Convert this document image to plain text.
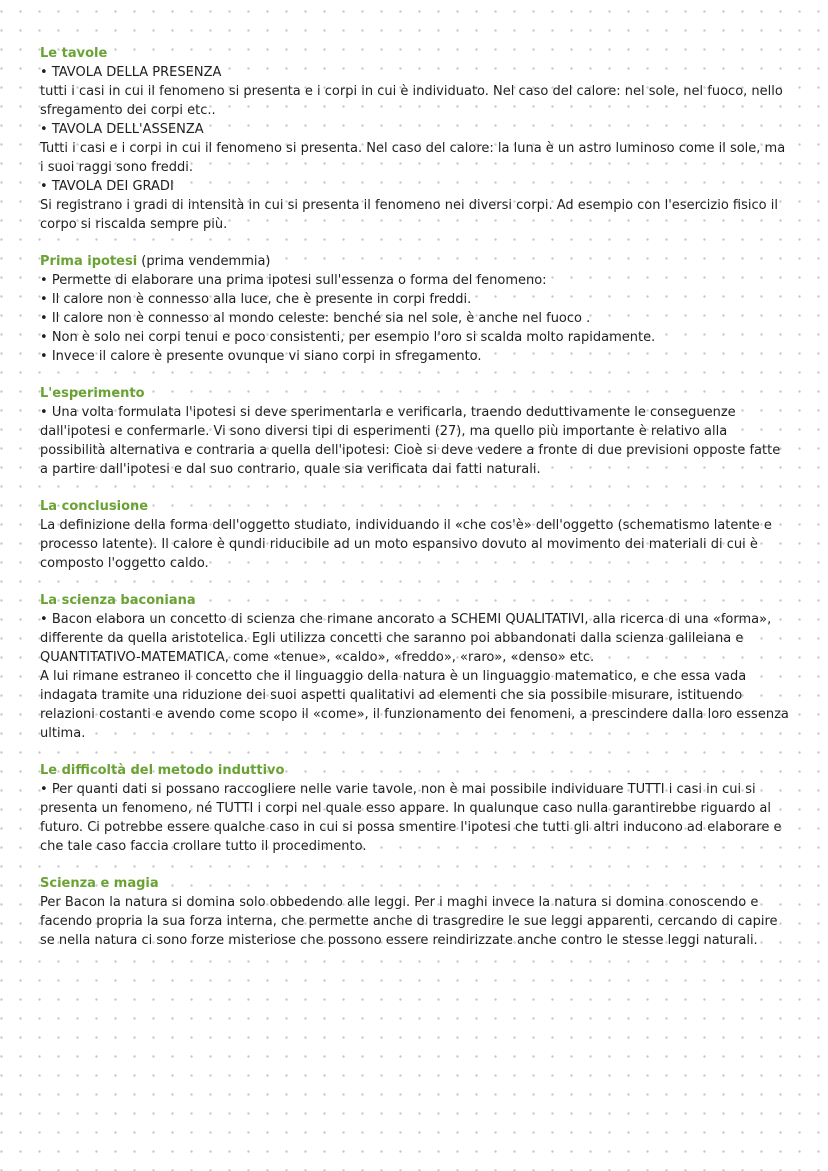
Le tavole

• TAVOLA DELLA PRESENZA

tutti i casi in cui il fenomeno si presenta e i corpi in cui è individuato. Nel caso del calore: nel sole, nel fuoco, nello sfregamento dei corpi etc..

• TAVOLA DELL'ASSENZA

Tutti i casi e i corpi in cui il fenomeno si presenta. Nel caso del calore: la luna è un astro luminoso come il sole, ma i suoi raggi sono freddi.

• TAVOLA DEI GRADI

Si registrano i gradi di intensità in cui si presenta il fenomeno nei diversi corpi. Ad esempio con l'esercizio fisico il corpo si riscalda sempre più.

Prima ipotesi (prima vendemmia)

• Permette di elaborare una prima ipotesi sull'essenza o forma del fenomeno:

• Il calore non è connesso alla luce, che è presente in corpi freddi.

• Il calore non è connesso al mondo celeste: benché sia nel sole, è anche nel fuoco .

• Non è solo nei corpi tenui e poco consistenti, per esempio l'oro si scalda molto rapidamente.

• Invece il calore è presente ovunque vi siano corpi in sfregamento.

L'esperimento

• Una volta formulata l'ipotesi si deve sperimentarla e verificarla, traendo deduttivamente le conseguenze dall'ipotesi e confermarle. Vi sono diversi tipi di esperimenti (27), ma quello più importante è relativo alla possibilità alternativa e contraria a quella dell'ipotesi: Cioè si deve vedere a fronte di due previsioni opposte fatte a partire dall'ipotesi e dal suo contrario, quale sia verificata dai fatti naturali.

La conclusione

La definizione della forma dell'oggetto studiato, individuando il «che cos'è» dell'oggetto (schematismo latente e processo latente). Il calore è qundi riducibile ad un moto espansivo dovuto al movimento dei materiali di cui è composto l'oggetto caldo.

La scienza baconiana

• Bacon elabora un concetto di scienza che rimane ancorato a SCHEMI QUALITATIVI, alla ricerca di una «forma», differente da quella aristotelica. Egli utilizza concetti che saranno poi abbandonati dalla scienza galileiana e QUANTITATIVO-MATEMATICA, come «tenue», «caldo», «freddo», «raro», «denso» etc.

A lui rimane estraneo il concetto che il linguaggio della natura è un linguaggio matematico, e che essa vada indagata tramite una riduzione dei suoi aspetti qualitativi ad elementi che sia possibile misurare, istituendo relazioni costanti e avendo come scopo il «come», il funzionamento dei fenomeni, a prescindere dalla loro essenza ultima.

Le difficoltà del metodo induttivo

• Per quanti dati si possano raccogliere nelle varie tavole, non è mai possibile individuare TUTTI i casi in cui si presenta un fenomeno, né TUTTI i corpi nel quale esso appare. In qualunque caso nulla garantirebbe riguardo al futuro. Ci potrebbe essere qualche caso in cui si possa smentire l'ipotesi che tutti gli altri inducono ad elaborare e che tale caso faccia crollare tutto il procedimento.

Scienza e magia

Per Bacon la natura si domina solo obbedendo alle leggi. Per i maghi invece la natura si domina conoscendo e facendo propria la sua forza interna, che permette anche di trasgredire le sue leggi apparenti, cercando di capire se nella natura ci sono forze misteriose che possono essere reindirizzate anche contro le stesse leggi naturali.
